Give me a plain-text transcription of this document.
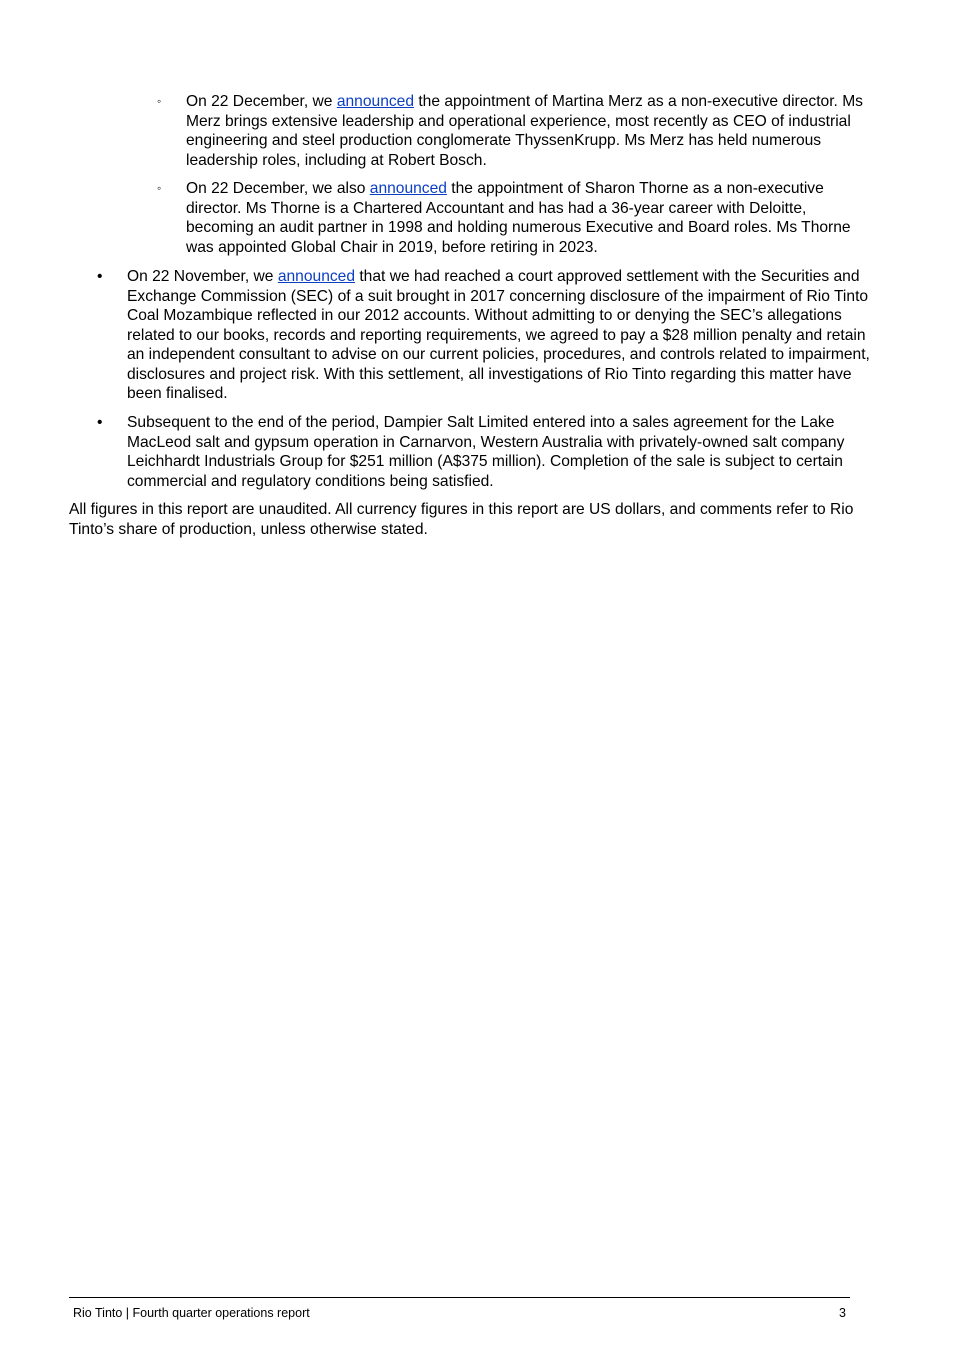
◦ On 22 December, we announced the appointment of Martina Merz as a non-executive director. Ms Merz brings extensive leadership and operational experience, most recently as CEO of industrial engineering and steel production conglomerate ThyssenKrupp. Ms Merz has held numerous leadership roles, including at Robert Bosch.
◦ On 22 December, we also announced the appointment of Sharon Thorne as a non-executive director. Ms Thorne is a Chartered Accountant and has had a 36-year career with Deloitte, becoming an audit partner in 1998 and holding numerous Executive and Board roles. Ms Thorne was appointed Global Chair in 2019, before retiring in 2023.
• On 22 November, we announced that we had reached a court approved settlement with the Securities and Exchange Commission (SEC) of a suit brought in 2017 concerning disclosure of the impairment of Rio Tinto Coal Mozambique reflected in our 2012 accounts. Without admitting to or denying the SEC’s allegations related to our books, records and reporting requirements, we agreed to pay a $28 million penalty and retain an independent consultant to advise on our current policies, procedures, and controls related to impairment, disclosures and project risk. With this settlement, all investigations of Rio Tinto regarding this matter have been finalised.
• Subsequent to the end of the period, Dampier Salt Limited entered into a sales agreement for the Lake MacLeod salt and gypsum operation in Carnarvon, Western Australia with privately-owned salt company Leichhardt Industrials Group for $251 million (A$375 million). Completion of the sale is subject to certain commercial and regulatory conditions being satisfied.
All figures in this report are unaudited. All currency figures in this report are US dollars, and comments refer to Rio Tinto’s share of production, unless otherwise stated.
Rio Tinto | Fourth quarter operations report	3
